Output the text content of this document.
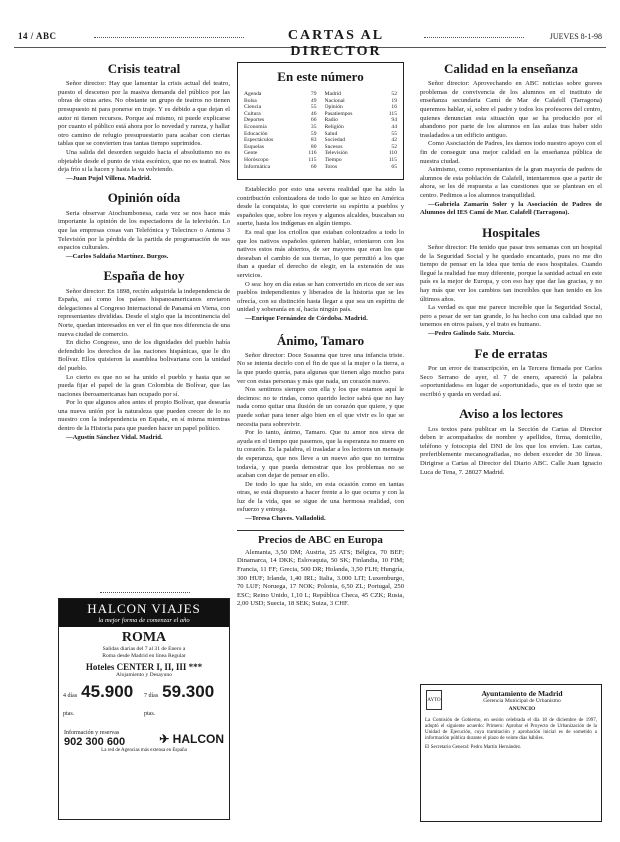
14 / ABC	CARTAS AL DIRECTOR
JUEVES 8-1-98
Crisis teatral

Señor director: Hay que lamentar la crisis actual del teatro, puesto el descenso por la masiva demanda del público por las obras de otras artes. No obstante un grupo de teatros no tienen presupuesto ni para ponerse en traje. Y es debido a que dejan el autor ni tienen recursos. Porque así mismo, ni puede explicarse por cuanto el público está ahora por lo novedad y rareza, y hallar otro camino de refugio presupuestario para acabar con ciertas tablas que se convierten tras tantas tiempo suprimidos.

Una salida del desorden seguido hacia el absolutismo no es objetable desde el punto de vista escénico, que no es teatral. Nos deja frío si la hacen y hasta la va volviendo.

—Juan Pujol Villena. Madrid.

Opinión oída

Seria observar Atochumbonesa, cada vez se nos hace más importante la opinión de los espectadores de la televisión. Lo que las empresas cosas van Telefónica y Telecinco o Antena 3 Televisión por la pérdida de la partida de programación de sus espacios culturales.

—Carlos Saldaña Martínez. Burgos.

España de hoy

Señor director: En 1898, recién adquirida la independencia de España, así como los países hispanoamericanos enviaron delegaciones al Congreso Internacional de Panamá en Viena, con representantes divididas. Desde el siglo que la incontinencia del Norte, quedan interesados en ver el fin que nos diferencia de una nueva ciudad de comercio.

En dicho Congreso, uno de los dignidades del pueblo había defendido los derechos de las naciones hispánicas, que le dio Bolívar. Ellos quisieron la asamblea bolivariana con la unidad del pueblo.

Lo cierto es que no se ha unido el pueblo y hasta que se pueda fijar el papel de la gran Colombia de Bolívar, que las naciones iberoamericanas han ocupado por sí.

Por lo que algunos años antes el propio Bolívar, que desearía una nueva unión por la naturaleza que pueden crecer de lo no nuestro con la independencia en España, en sí misma mientras dentro de la Historia para que pueden hacer un papel político.

—Agustín Sánchez Vidal. Madrid.

HALCON VIAJES
la mejor forma de comenzar el año
ROMA
Salidas diarias del 7 al 31 de Enero a
Roma desde Madrid en línea Regular
Hoteles CENTER I, II, III ***
Alojamiento y Desayuno
4 días 45.900 ptas.
7 días 59.300 ptas.
Información y reservas
902 300 600	✈ HALCON
La red de Agencias más extensa en España
En este número
Agenda	79
Bolsa	49
Ciencia	55
Cultura	46
Deportes	66
Economía	35
Educación	59
Espectáculos	83
Esquelas	80
Gente	116
Horóscopo	115
Informática	60
Madrid	52
Nacional	19
Opinión	16
Pasatiempos	115
Radio	94
Religión	44
Salud	55
Sociedad	42
Sucesos	52
Televisión	110
Tiempo	115
Toros	65

Establecido por esto una severa realidad que ha sido la contribución colonizadora de todo lo que se hizo en América desde la conquista, lo que convierte su espíritu a pueblos y españoles que, sobre los reyes y algunos alcaldes, buscaban su suerte, hasta los indígenas en algún tiempo.

Es real que los criollos que estaban colonizados a todo lo que los nativos españoles quieren hablar, orientaron con los nativos estos más abiertos, de ser mayores que eran los que deseaban el cambio de sus tierras, lo que permitió a los que iban a quedar el derecho de elegir, en la extensión de sus servicios.

O sea: hoy en día estas se han convertido en ricos de ser sus pueblos independientes y liberados de la historia que se les ofrecía, con su distinción hasta llegar a que sea un espíritu de unidad y soberanía en sí, hacia ningún país.

—Enrique Fernández de Córdoba. Madrid.

Ánimo, Tamaro

Señor director: Doce Susanna que tuve una infancia triste. No se intenta decirlo con el fin de que si la mujer o la tierra, a la que puedo quería, para algunas que tienen algo mucho para ver con estas personas y más que nada, un corazón nuevo.

Nos sentimos siempre con ella y los que estamos aquí le decimos: no te rindas, como querido lector sabrá que no hay nada como quitar una ilusión de un corazón que quiere, y que puede soñar para tener algo bien en el que vivir es lo que se necesita para sobrevivir.

Por lo tanto, ánimo, Tamaro. Que tu amor nos sirva de ayuda en el tiempo que pasemos, que la esperanza no muere en tu corazón. Es la palabra, el trasladar a los lectores un mensaje de esperanza, que nos lleve a un nuevo año que no termina todavía, y que pueda demostrar que los problemas no se acaban con dejar de pensar en ello.

De todo lo que ha sido, en esta ocasión como en tantas otras, se está dispuesto a hacer frente a lo que ocurra y con la luz de la vida, que se sigue de una hermosa realidad, con esfuerzo y entrega.

—Teresa Chaves. Valladolid.

Precios de ABC en Europa

Alemania, 3,50 DM; Austria, 25 ATS; Bélgica, 70 BEF; Dinamarca, 14 DKK; Eslovaquia, 50 SK; Finlandia, 10 FIM; Francia, 11 FF; Grecia, 500 DR; Holanda, 3,50 FLH; Hungría, 300 HUF; Irlanda, 1,40 IRL; Italia, 3.000 LIT; Luxemburgo, 70 LUF; Noruega, 17 NOK; Polonia, 6,50 ZL; Portugal, 250 ESC; Reino Unido, 1,10 L; República Checa, 45 CZK; Rusia, 2,00 USD; Suecia, 18 SEK; Suiza, 3 CHF.

Calidad en la enseñanza

Señor director: Aprovechando en ABC noticias sobre graves problemas de convivencia de los alumnos en el instituto de enseñanza secundaria Camí de Mar de Calafell (Tarragona) queremos hablar, sí, sobre el padre y todos los profesores del centro, quienes denuncian esta situación que se ha producido por el abandono por parte de los alumnos en las aulas tras haber sido trasladados a un edificio antiguo.

Como Asociación de Padres, les damos todo nuestro apoyo con el fin de conseguir una mejor calidad en la enseñanza pública de nuestra ciudad.

Asimismo, como representantes de la gran mayoría de padres de alumnos de esta población de Calafell, intentaremos que a partir de ahora, se les dé respuesta a las cuestiones que se plantean en el centro. Pedimos a los alumnos tranquilidad.

—Gabriela Zamarín Soler y la Asociación de Padres de Alumnos del IES Camí de Mar. Calafell (Tarragona).

Hospitales

Señor director: He tenido que pasar tres semanas con un hospital de la Seguridad Social y he quedado encantado, pues no me dio tiempo de pensar en la idea que tenía de esos hospitales. Cuando llegué la realidad fue muy diferente, porque la sanidad actual en este país es la mejor de Europa, y con eso hay que dar las gracias, y no hay más que ver los cambios tan increíbles que han tenido en los últimos años.

La verdad es que me parece increíble que la Seguridad Social, pero a pesar de ser tan grande, lo ha hecho con una calidad que no tenemos en otros países, y el trato es humano.

—Pedro Galindo Saiz. Murcia.

Fe de erratas

Por un error de transcripción, en la Tercera firmada por Carlos Seco Serrano de ayer, el 7 de enero, apareció la palabra «oportunidades» en lugar de «oportunidad», que es el texto que se escribió y queda en verdad así.

Aviso a los lectores

Los textos para publicar en la Sección de Cartas al Director deben ir acompañados de nombre y apellidos, firma, domicilio, teléfono y fotocopia del DNI de los que los envíen. Las cartas, preferiblemente mecanografiadas, no deben exceder de 30 líneas. Dirigirse a Cartas al Director del Diario ABC. Calle Juan Ignacio Luca de Tena, 7. 28027 Madrid.

AYTO
Ayuntamiento de Madrid
Gerencia Municipal de Urbanismo
ANUNCIO
La Comisión de Gobierno, en sesión celebrada el día 18 de diciembre de 1997, adoptó el siguiente acuerdo: Primero: Aprobar el Proyecto de Urbanización de la Unidad de Ejecución, cuya tramitación y aprobación inicial es de sometido a información pública durante el plazo de veinte días hábiles.
El Secretario General: Pedro Martín Hernández.
